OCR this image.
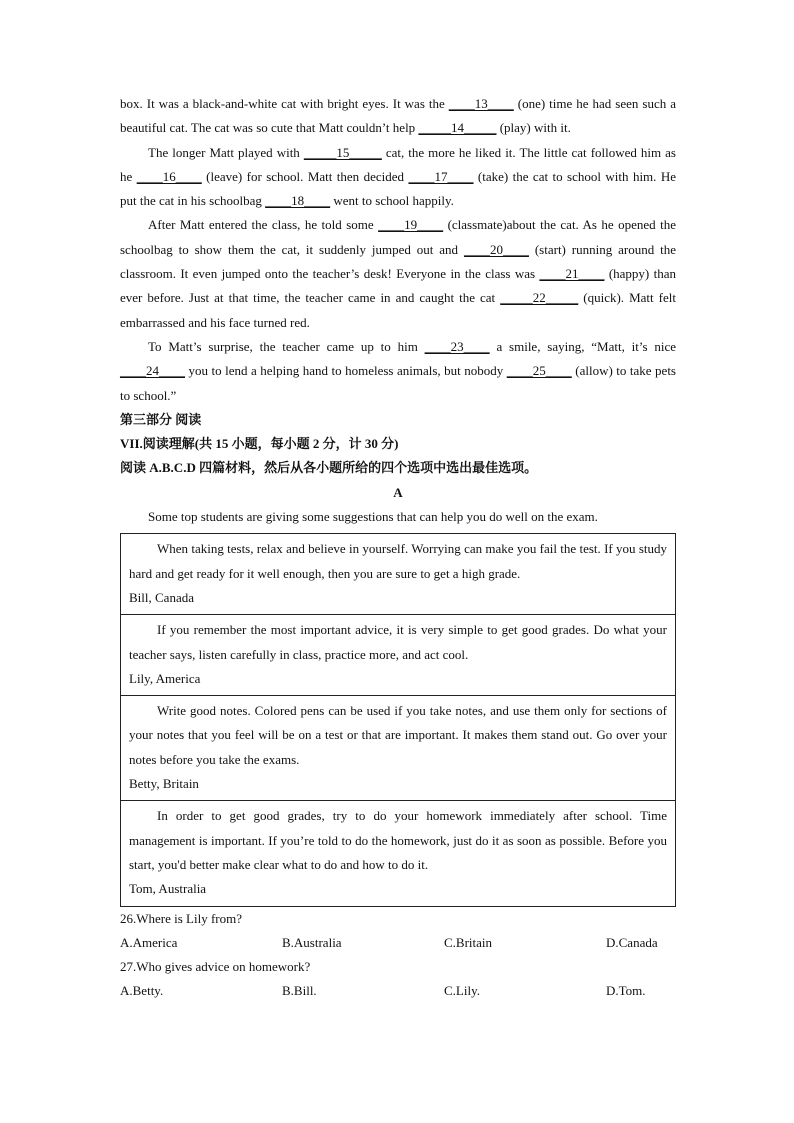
box. It was a black-and-white cat with bright eyes. It was the ____13____ (one) time he had seen such a beautiful cat. The cat was so cute that Matt couldn’t help _____14_____ (play) with it.

The longer Matt played with _____15_____ cat, the more he liked it. The little cat followed him as he ____16____ (leave) for school. Matt then decided ____17____ (take) the cat to school with him. He put the cat in his schoolbag ____18____ went to school happily.

After Matt entered the class, he told some ____19____ (classmate)about the cat. As he opened the schoolbag to show them the cat, it suddenly jumped out and ____20____ (start) running around the classroom. It even jumped onto the teacher’s desk! Everyone in the class was ____21____ (happy) than ever before. Just at that time, the teacher came in and caught the cat _____22_____ (quick). Matt felt embarrassed and his face turned red.

To Matt’s surprise, the teacher came up to him ____23____ a smile, saying, “Matt, it’s nice ____24____ you to lend a helping hand to homeless animals, but nobody ____25____ (allow) to take pets to school.”

第三部分 阅读

VII.阅读理解(共 15 小题，每小题 2 分，计 30 分)

阅读 A.B.C.D 四篇材料，然后从各小题所给的四个选项中选出最佳选项。

A

Some top students are giving some suggestions that can help you do well on the exam.

When taking tests, relax and believe in yourself. Worrying can make you fail the test. If you study hard and get ready for it well enough, then you are sure to get a high grade.

Bill, Canada

If you remember the most important advice, it is very simple to get good grades. Do what your teacher says, listen carefully in class, practice more, and act cool.

Lily, America

Write good notes. Colored pens can be used if you take notes, and use them only for sections of your notes that you feel will be on a test or that are important. It makes them stand out. Go over your notes before you take the exams.

Betty, Britain

In order to get good grades, try to do your homework immediately after school. Time management is important. If you’re told to do the homework, just do it as soon as possible. Before you start, you'd better make clear what to do and how to do it.

Tom, Australia

26.Where is Lily from?

A.America	B.Australia	C.Britain	D.Canada

27.Who gives advice on homework?

A.Betty.	B.Bill.	C.Lily.	D.Tom.
